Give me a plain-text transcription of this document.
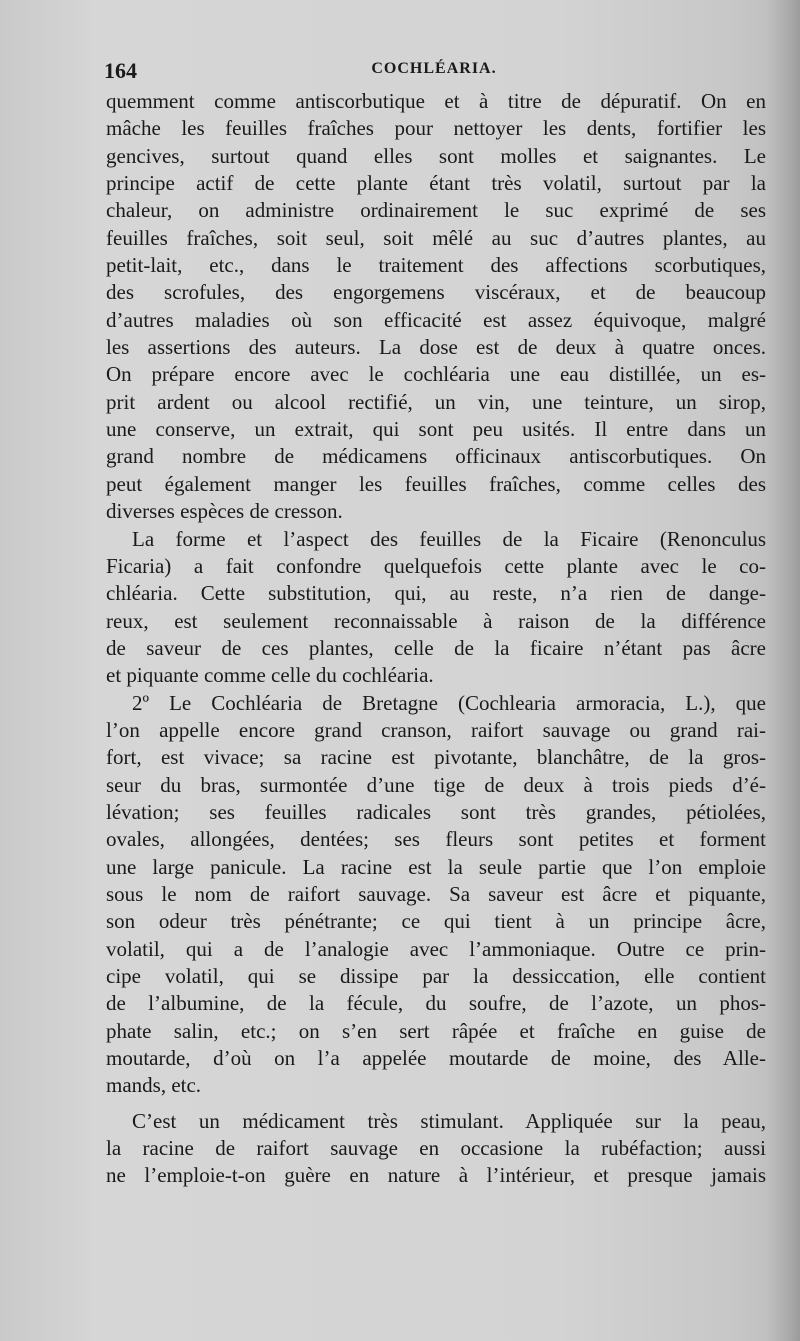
164	COCHLÉARIA.

quemment comme antiscorbutique et à titre de dépuratif. On en
mâche les feuilles fraîches pour nettoyer les dents, fortifier les
gencives, surtout quand elles sont molles et saignantes. Le
principe actif de cette plante étant très volatil, surtout par la
chaleur, on administre ordinairement le suc exprimé de ses
feuilles fraîches, soit seul, soit mêlé au suc d’autres plantes, au
petit-lait, etc., dans le traitement des affections scorbutiques,
des scrofules, des engorgemens viscéraux, et de beaucoup
d’autres maladies où son efficacité est assez équivoque, malgré
les assertions des auteurs. La dose est de deux à quatre onces.
On prépare encore avec le cochléaria une eau distillée, un es-
prit ardent ou alcool rectifié, un vin, une teinture, un sirop,
une conserve, un extrait, qui sont peu usités. Il entre dans un
grand nombre de médicamens officinaux antiscorbutiques. On
peut également manger les feuilles fraîches, comme celles des
diverses espèces de cresson.

La forme et l’aspect des feuilles de la Ficaire (Renonculus
Ficaria) a fait confondre quelquefois cette plante avec le co-
chléaria. Cette substitution, qui, au reste, n’a rien de dange-
reux, est seulement reconnaissable à raison de la différence
de saveur de ces plantes, celle de la ficaire n’étant pas âcre
et piquante comme celle du cochléaria.

2º Le Cochléaria de Bretagne (Cochlearia armoracia, L.), que
l’on appelle encore grand cranson, raifort sauvage ou grand rai-
fort, est vivace; sa racine est pivotante, blanchâtre, de la gros-
seur du bras, surmontée d’une tige de deux à trois pieds d’é-
lévation; ses feuilles radicales sont très grandes, pétiolées,
ovales, allongées, dentées; ses fleurs sont petites et forment
une large panicule. La racine est la seule partie que l’on emploie
sous le nom de raifort sauvage. Sa saveur est âcre et piquante,
son odeur très pénétrante; ce qui tient à un principe âcre,
volatil, qui a de l’analogie avec l’ammoniaque. Outre ce prin-
cipe volatil, qui se dissipe par la dessiccation, elle contient
de l’albumine, de la fécule, du soufre, de l’azote, un phos-
phate salin, etc.; on s’en sert râpée et fraîche en guise de
moutarde, d’où on l’a appelée moutarde de moine, des Alle-
mands, etc.

C’est un médicament très stimulant. Appliquée sur la peau,
la racine de raifort sauvage en occasione la rubéfaction; aussi
ne l’emploie-t-on guère en nature à l’intérieur, et presque jamais
